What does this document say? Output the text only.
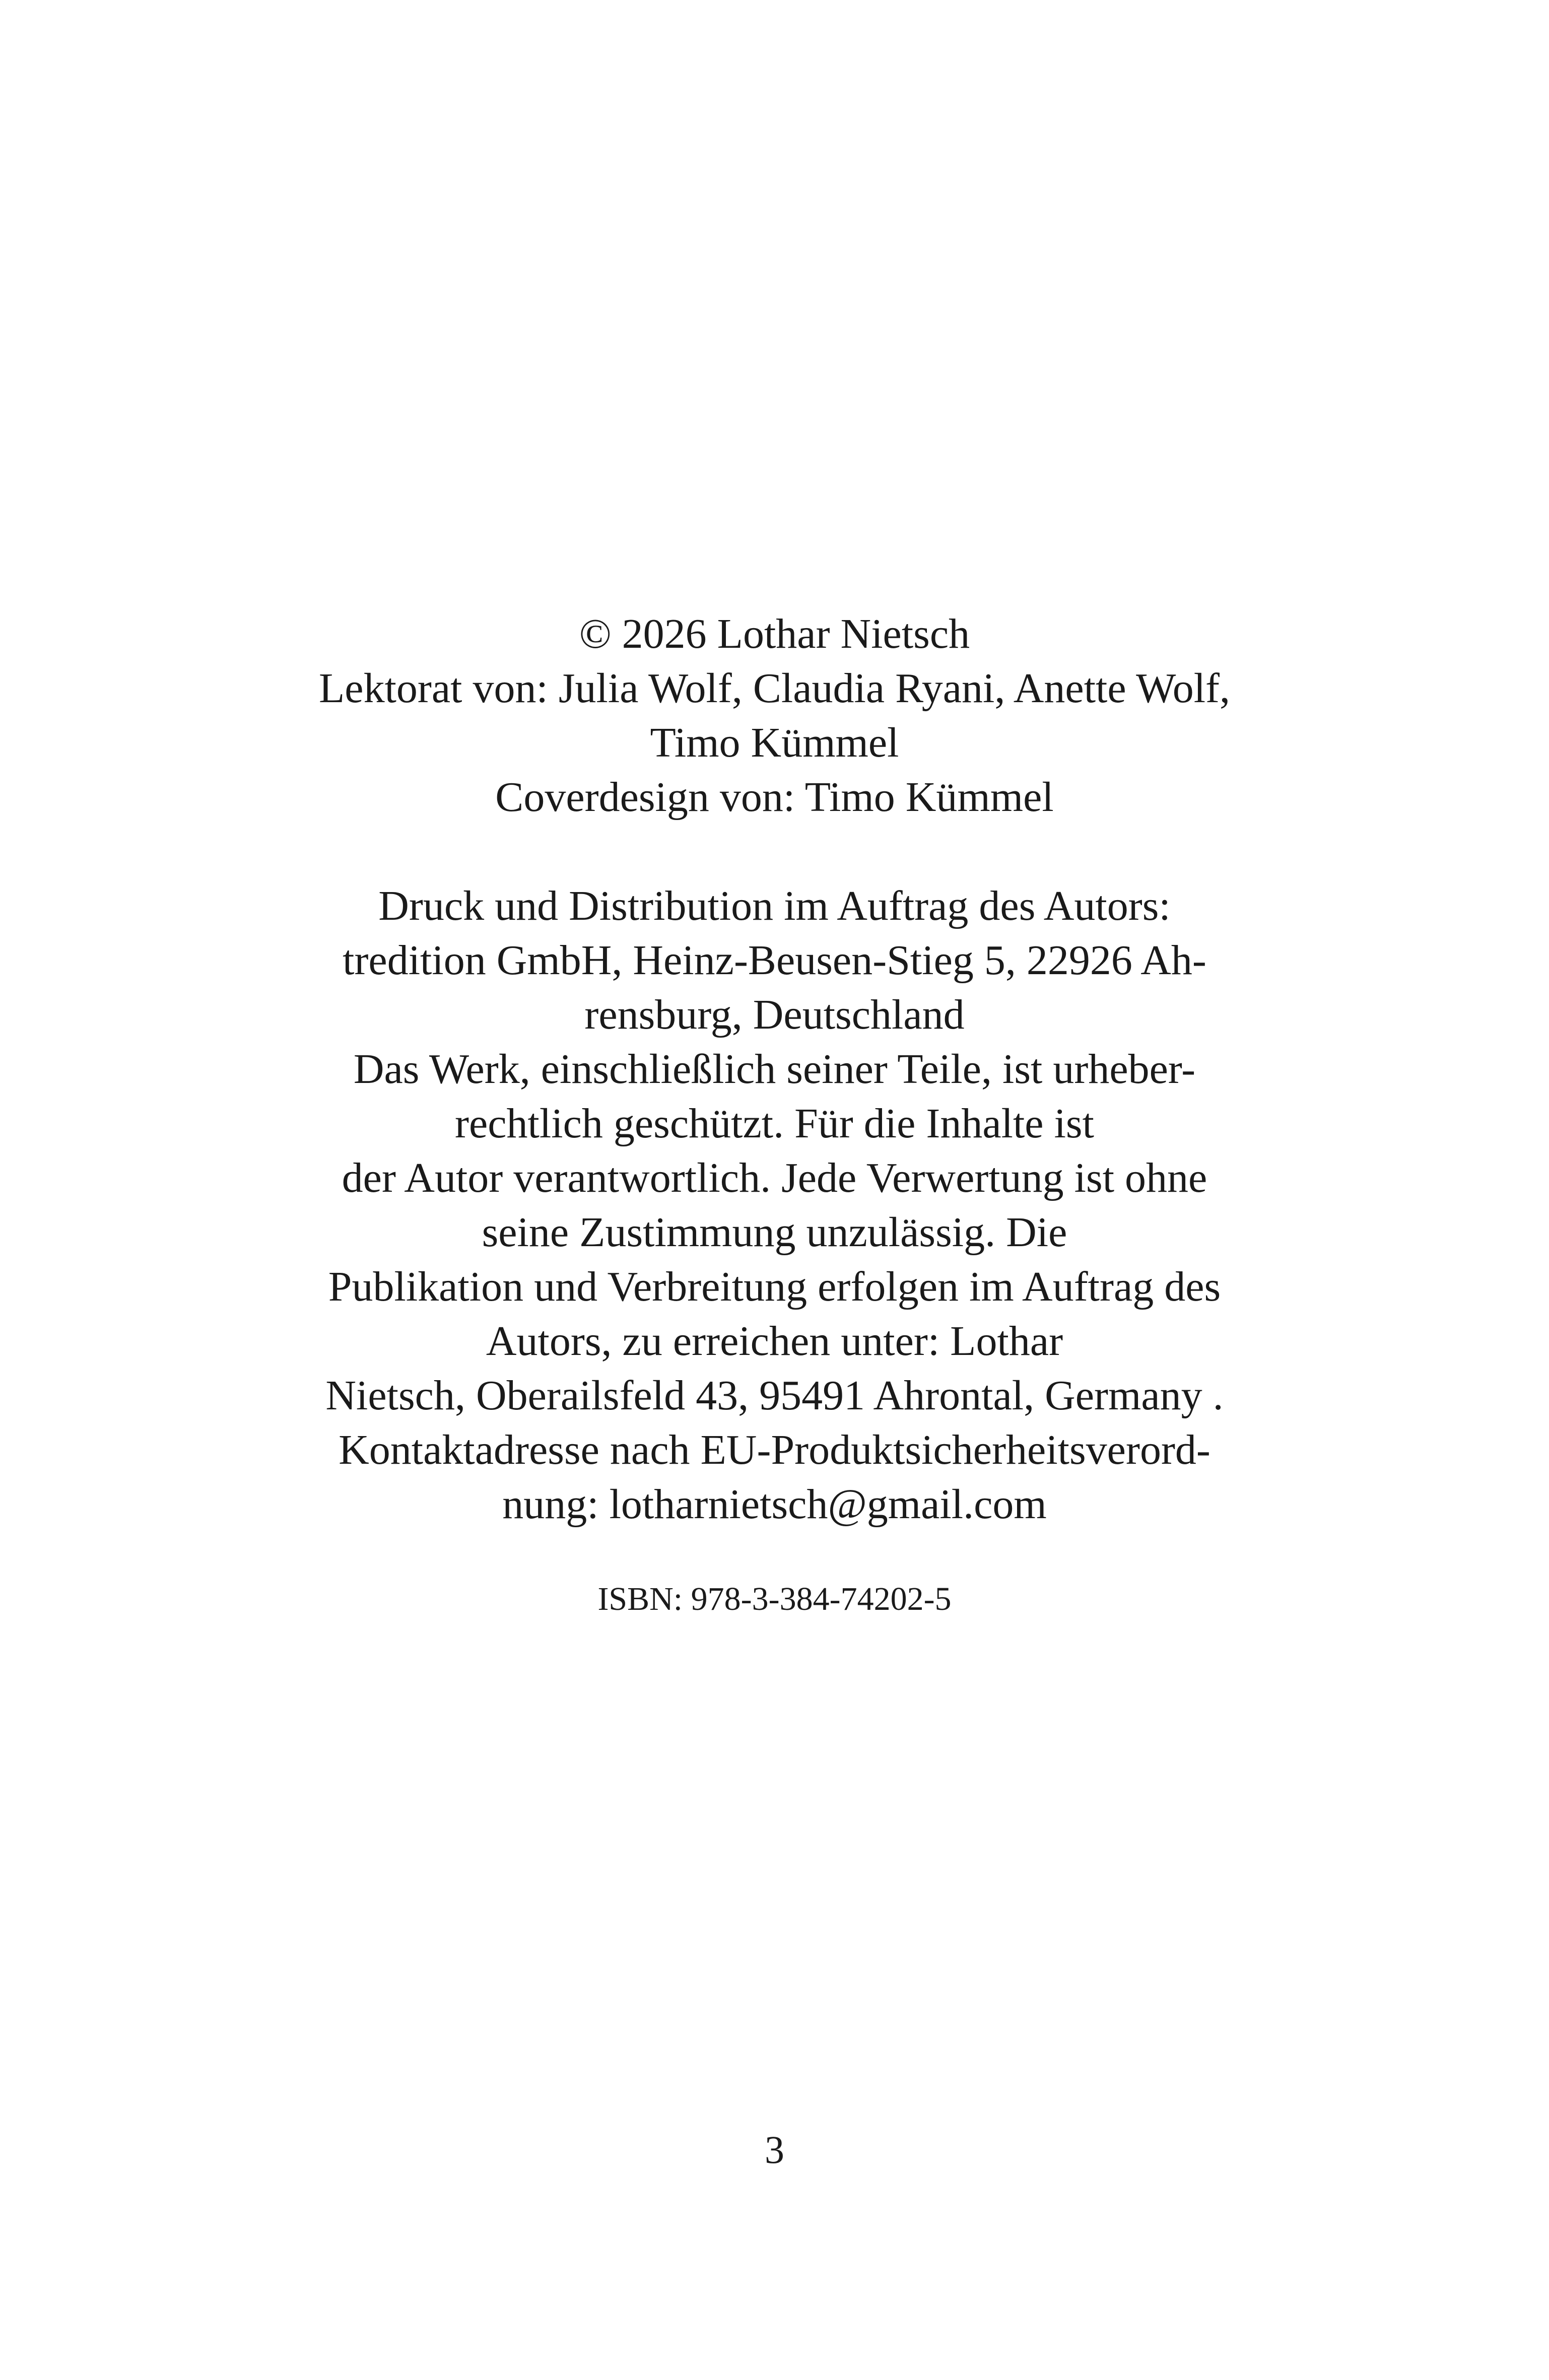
© 2026 Lothar Nietsch
Lektorat von: Julia Wolf, Claudia Ryani, Anette Wolf,
Timo Kümmel
Coverdesign von: Timo Kümmel
Druck und Distribution im Auftrag des Autors:
tredition GmbH, Heinz-Beusen-Stieg 5, 22926 Ah-
rensburg, Deutschland
Das Werk, einschließlich seiner Teile, ist urheber-
rechtlich geschützt. Für die Inhalte ist
der Autor verantwortlich. Jede Verwertung ist ohne
seine Zustimmung unzulässig. Die
Publikation und Verbreitung erfolgen im Auftrag des
Autors, zu erreichen unter: Lothar
Nietsch, Oberailsfeld 43, 95491 Ahrontal, Germany .
Kontaktadresse nach EU-Produktsicherheitsverord-
nung: lotharnietsch@gmail.com
ISBN: 978-3-384-74202-5
3
